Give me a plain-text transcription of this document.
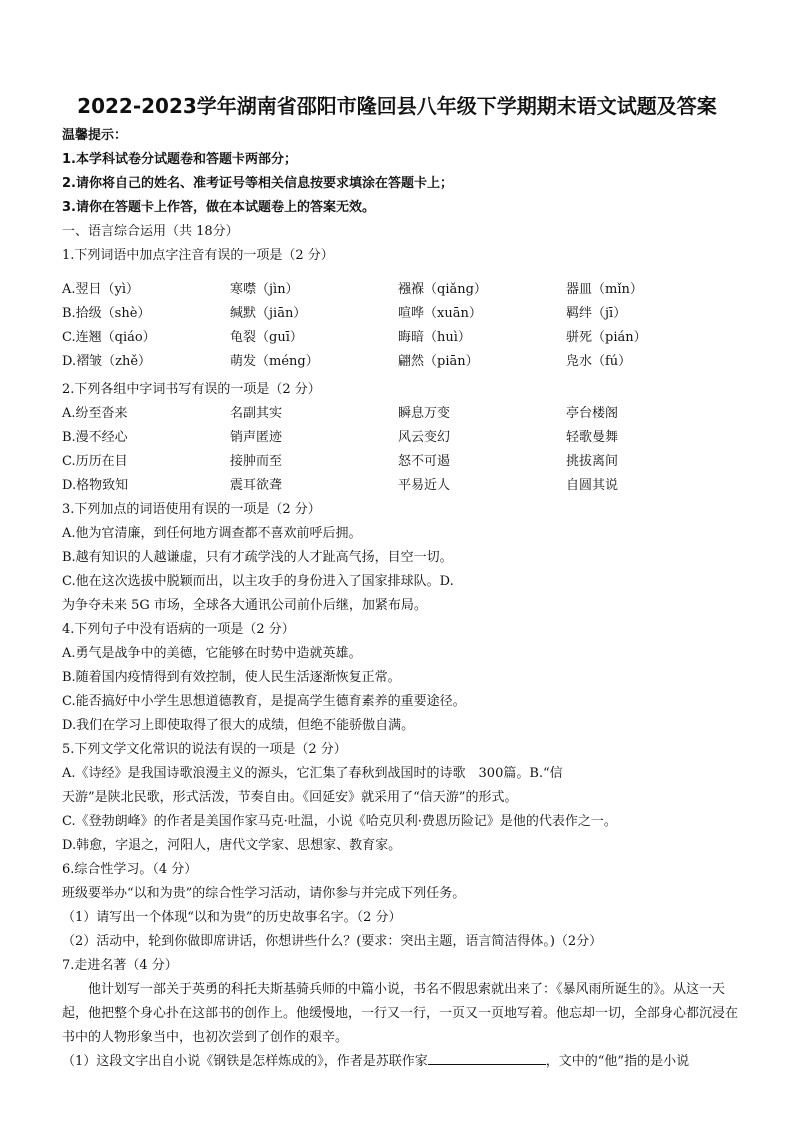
2022-2023学年湖南省邵阳市隆回县八年级下学期期末语文试题及答案
温馨提示：
1.本学科试卷分试题卷和答题卡两部分；
2.请你将自己的姓名、准考证号等相关信息按要求填涂在答题卡上；
3.请你在答题卡上作答，做在本试题卷上的答案无效。
一、语言综合运用（共 18分）
1.下列词语中加点字注音有误的一项是（2 分）
A.翌日（yì）	寒噤（jìn）	襁褓（qiǎng）	器皿（mǐn）
B.拾级（shè）	缄默（jiān）	喧哗（xuān）	羁绊（jī）
C.连翘（qiáo）	龟裂（guī）	晦暗（huì）	骈死（pián）
D.褶皱（zhě）	萌发（méng）	翩然（piān）	凫水（fú）
2.下列各组中字词书写有误的一项是（2 分）
A.纷至沓来	名副其实	瞬息万变	亭台楼阁
B.漫不经心	销声匿迹	风云变幻	轻歌曼舞
C.历历在目	接肿而至	怒不可遏	挑拔离间
D.格物致知	震耳欲聋	平易近人	自圆其说
3.下列加点的词语使用有误的一项是（2 分）
A.他为官清廉，到任何地方调查都不喜欢前呼后拥。
B.越有知识的人越谦虚，只有才疏学浅的人才趾高气扬，目空一切。
C.他在这次选拔中脱颖而出，以主攻手的身份进入了国家排球队。D.
为争夺未来 5G 市场，全球各大通讯公司前仆后继，加紧布局。
4.下列句子中没有语病的一项是（2 分）
A.勇气是战争中的美德，它能够在时势中造就英雄。
B.随着国内疫情得到有效控制，使人民生活逐渐恢复正常。
C.能否搞好中小学生思想道德教育，是提高学生德育素养的重要途径。
D.我们在学习上即使取得了很大的成绩，但绝不能骄傲自满。
5.下列文学文化常识的说法有误的一项是（2 分）
A.《诗经》是我国诗歌浪漫主义的源头，它汇集了春秋到战国时的诗歌　300篇。B.“信
天游”是陕北民歌，形式活泼，节奏自由。《回延安》就采用了“信天游”的形式。
C.《登勃朗峰》的作者是美国作家马克·吐温，小说《哈克贝利·费恩历险记》是他的代表作之一。
D.韩愈，字退之，河阳人，唐代文学家、思想家、教育家。
6.综合性学习。（4 分）
班级要举办“以和为贵”的综合性学习活动，请你参与并完成下列任务。
（1）请写出一个体现“以和为贵”的历史故事名字。（2 分）
（2）活动中，轮到你做即席讲话，你想讲些什么？(要求：突出主题，语言简洁得体。)（2分）
7.走进名著（4 分）
他计划写一部关于英勇的科托夫斯基骑兵师的中篇小说，书名不假思索就出来了：《暴风雨所诞生的》。从这一天起，他把整个身心扑在这部书的创作上。他缓慢地，一行又一行，一页又一页地写着。他忘却一切，全部身心都沉浸在书中的人物形象当中，也初次尝到了创作的艰辛。
（1）这段文字出自小说《钢铁是怎样炼成的》，作者是苏联作家	，文中的“他”指的是小说
